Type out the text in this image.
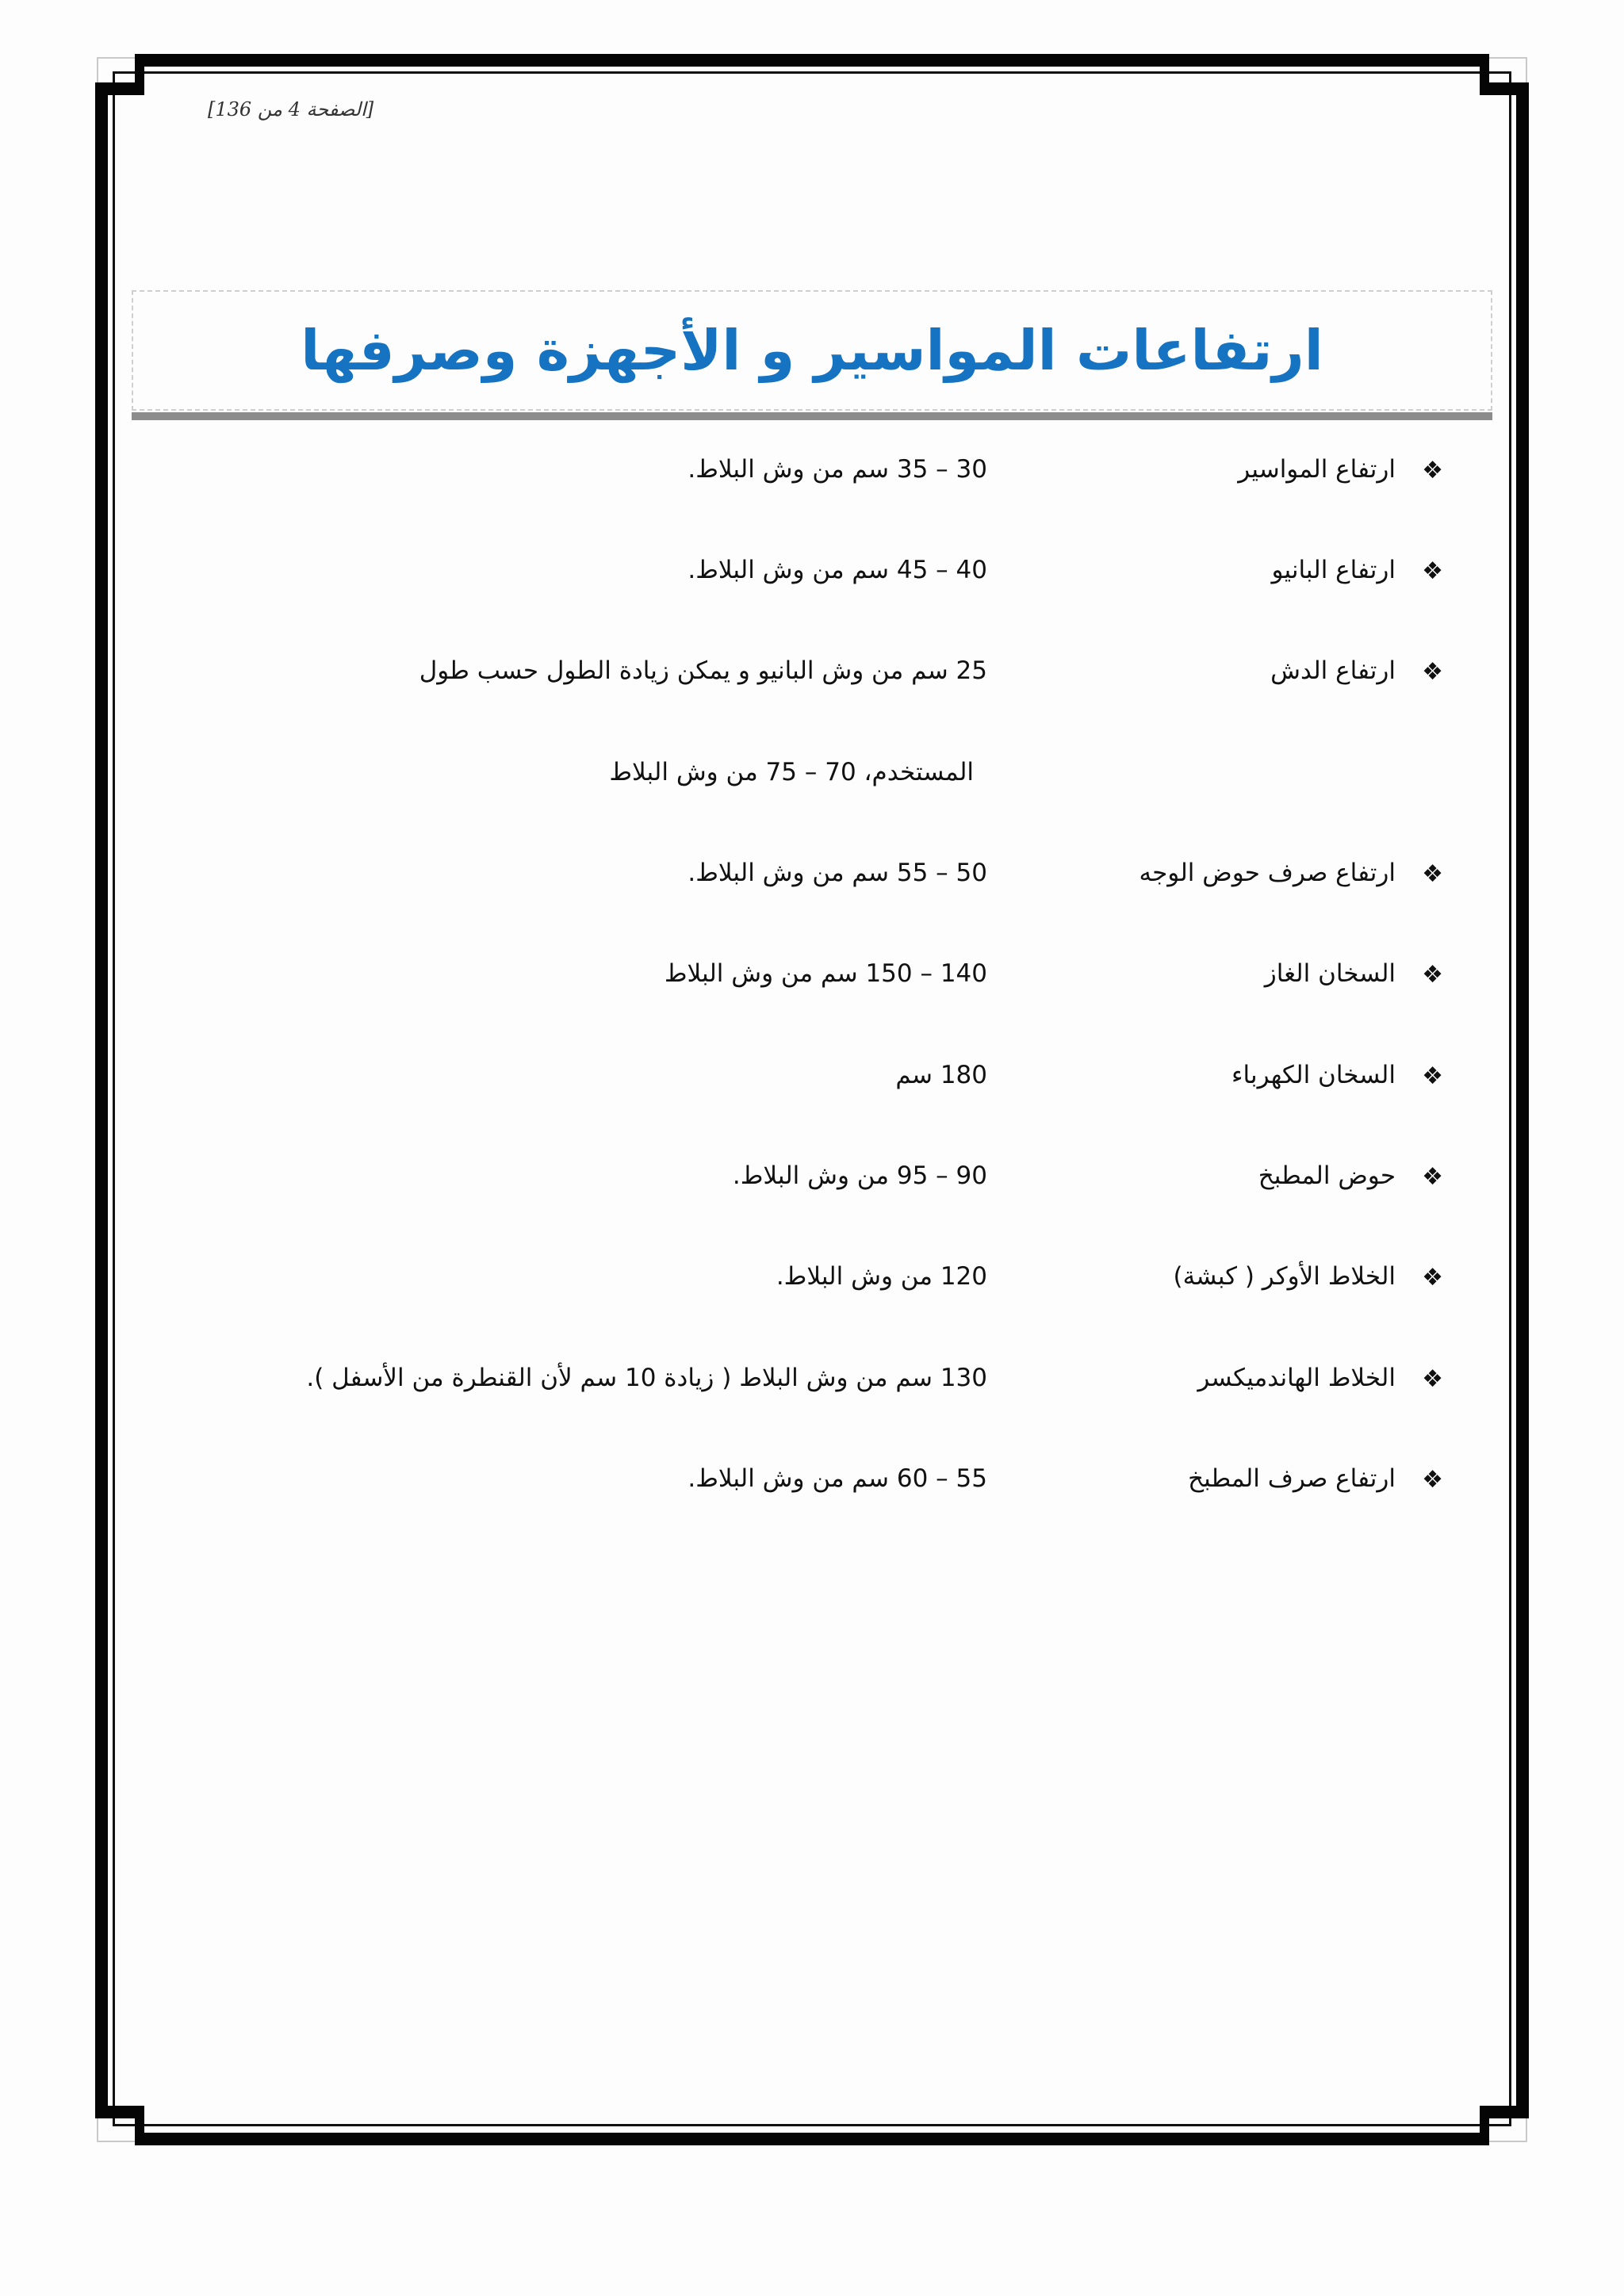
[الصفحة 4 من 136]
ارتفاعات المواسير و الأجهزة وصرفها
❖
ارتفاع المواسير
30 – 35 سم من وش البلاط.
❖
ارتفاع البانيو
40 – 45 سم من وش البلاط.
❖
ارتفاع الدش
25 سم من وش البانيو و يمكن زيادة الطول حسب طول
المستخدم، 70 – 75 من وش البلاط
❖
ارتفاع صرف حوض الوجه
50 – 55 سم من وش البلاط.
❖
السخان الغاز
140 – 150 سم من وش البلاط
❖
السخان الكهرباء
180 سم
❖
حوض المطبخ
90 – 95 من وش البلاط.
❖
الخلاط الأوكر ( كبشة)
120 من وش البلاط.
❖
الخلاط الهاندميكسر
130 سم من وش البلاط ( زيادة 10 سم لأن القنطرة من الأسفل ).
❖
ارتفاع صرف المطبخ
55 – 60 سم من وش البلاط.
